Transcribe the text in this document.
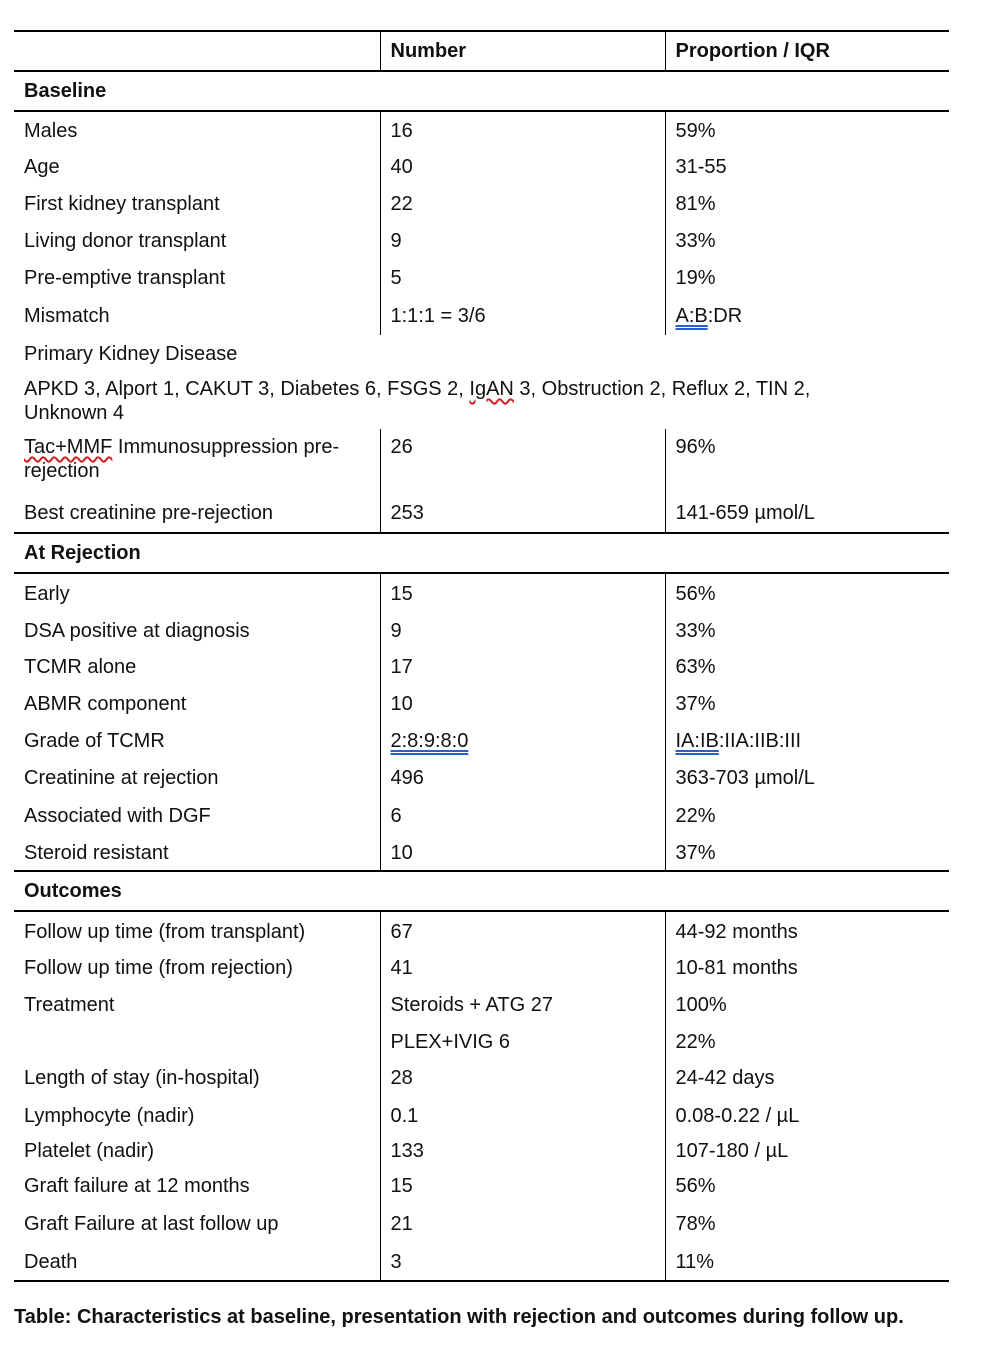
	Number	Proportion / IQR
Baseline		
Males	16	59%
Age	40	31-55
First kidney transplant	22	81%
Living donor transplant	9	33%
Pre-emptive transplant	5	19%
Mismatch	1:1:1 = 3/6	A:B:DR
Primary Kidney Disease		
APKD 3, Alport 1, CAKUT 3, Diabetes 6, FSGS 2, IgAN 3, Obstruction 2, Reflux 2, TIN 2, Unknown 4		
Tac+MMF Immunosuppression pre-rejection	26	96%
Best creatinine pre-rejection	253	141-659 µmol/L
At Rejection		
Early	15	56%
DSA positive at diagnosis	9	33%
TCMR alone	17	63%
ABMR component	10	37%
Grade of TCMR	2:8:9:8:0	IA:IB:IIA:IIB:III
Creatinine at rejection	496	363-703 µmol/L
Associated with DGF	6	22%
Steroid resistant	10	37%
Outcomes		
Follow up time (from transplant)	67	44-92 months
Follow up time (from rejection)	41	10-81 months
Treatment	Steroids + ATG 27	100%
	PLEX+IVIG 6	22%
Length of stay (in-hospital)	28	24-42 days
Lymphocyte (nadir)	0.1	0.08-0.22 / µL
Platelet (nadir)	133	107-180 / µL
Graft failure at 12 months	15	56%
Graft Failure at last follow up	21	78%
Death	3	11%
Table: Characteristics at baseline, presentation with rejection and outcomes during follow up.
